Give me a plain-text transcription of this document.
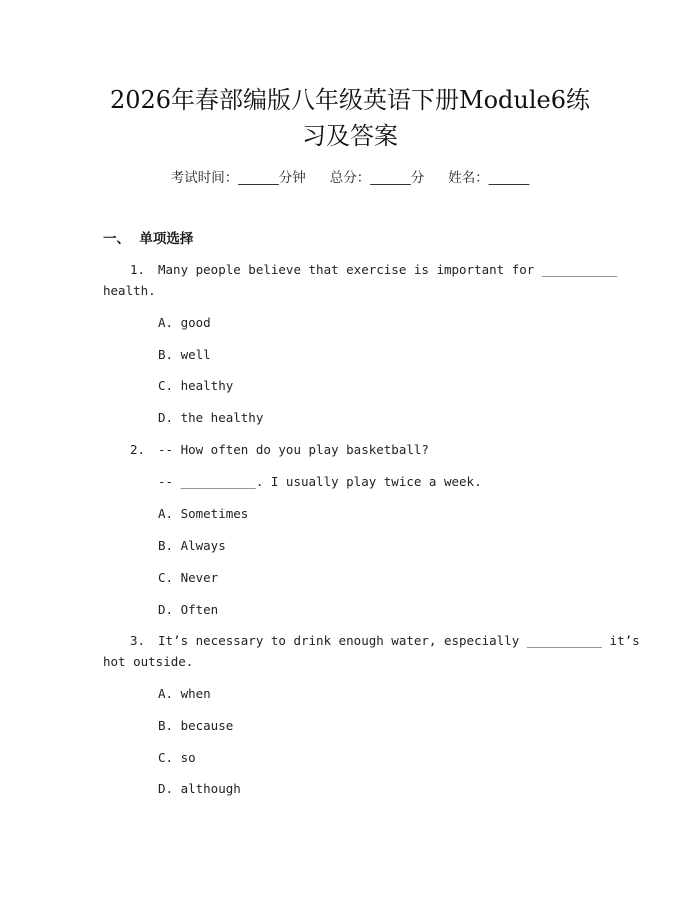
2026年春部编版八年级英语下册Module6练
习及答案
考试时间：______分钟 总分：______分 姓名：______
一、  单项选择
1. Many people believe that exercise is important for __________
health.
A. good
B. well
C. healthy
D. the healthy
2. -- How often do you play basketball?
-- __________. I usually play twice a week.
A. Sometimes
B. Always
C. Never
D. Often
3. It’s necessary to drink enough water, especially __________ it’s
hot outside.
A. when
B. because
C. so
D. although
